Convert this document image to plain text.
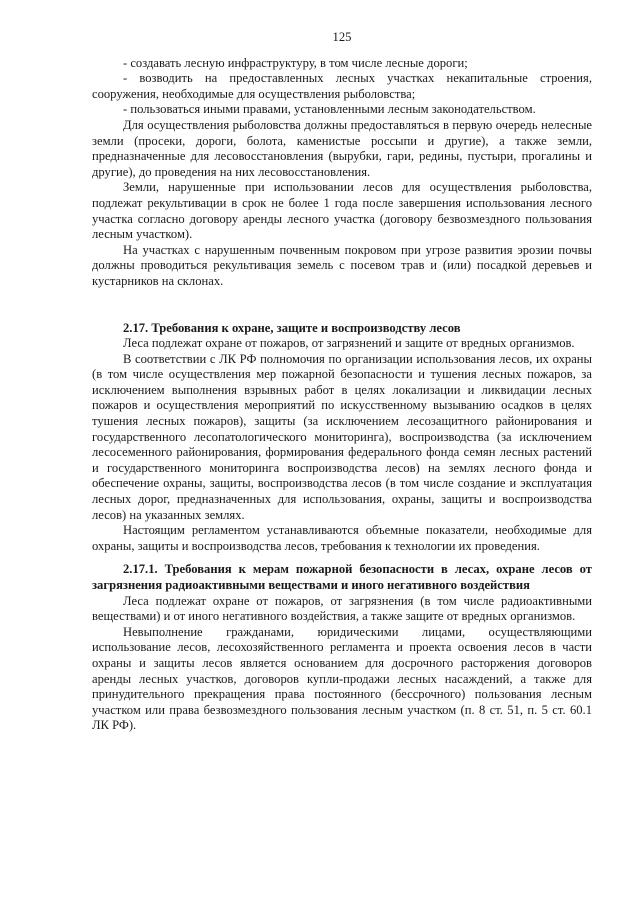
125

- создавать лесную инфраструктуру, в том числе лесные дороги;

- возводить на предоставленных лесных участках некапитальные строения, сооружения, необходимые для осуществления рыболовства;

- пользоваться иными правами, установленными лесным законодательством.

Для осуществления рыболовства должны предоставляться в первую очередь нелесные земли (просеки, дороги, болота, каменистые россыпи и другие), а также земли, предназначенные для лесовосстановления (вырубки, гари, редины, пустыри, прогалины и другие), до проведения на них лесовосстановления.

Земли, нарушенные при использовании лесов для осуществления рыболовства, подлежат рекультивации в срок не более 1 года после завершения использования лесного участка согласно договору аренды лесного участка (договору безвозмездного пользования лесным участком).

На участках с нарушенным почвенным покровом при угрозе развития эрозии почвы должны проводиться рекультивация земель с посевом трав и (или) посадкой деревьев и кустарников на склонах.

2.17. Требования к охране, защите и воспроизводству лесов

Леса подлежат охране от пожаров, от загрязнений и защите от вредных организмов.

В соответствии с ЛК РФ полномочия по организации использования лесов, их охраны (в том числе осуществления мер пожарной безопасности и тушения лесных пожаров, за исключением выполнения взрывных работ в целях локализации и ликвидации лесных пожаров и осуществления мероприятий по искусственному вызыванию осадков в целях тушения лесных пожаров), защиты (за исключением лесозащитного районирования и государственного лесопатологического мониторинга), воспроизводства (за исключением лесосеменного районирования, формирования федерального фонда семян лесных растений и государственного мониторинга воспроизводства лесов) на землях лесного фонда и обеспечение охраны, защиты, воспроизводства лесов (в том числе создание и эксплуатация лесных дорог, предназначенных для использования, охраны, защиты и воспроизводства лесов) на указанных землях.

Настоящим регламентом устанавливаются объемные показатели, необходимые для охраны, защиты и воспроизводства лесов, требования к технологии их проведения.

2.17.1. Требования к мерам пожарной безопасности в лесах, охране лесов от загрязнения радиоактивными веществами и иного негативного воздействия

Леса подлежат охране от пожаров, от загрязнения (в том числе радиоактивными веществами) и от иного негативного воздействия, а также защите от вредных организмов.

Невыполнение гражданами, юридическими лицами, осуществляющими использование лесов, лесохозяйственного регламента и проекта освоения лесов в части охраны и защиты лесов является основанием для досрочного расторжения договоров аренды лесных участков, договоров купли-продажи лесных насаждений, а также для принудительного прекращения права постоянного (бессрочного) пользования лесным участком или права безвозмездного пользования лесным участком (п. 8 ст. 51, п. 5 ст. 60.1 ЛК РФ).
